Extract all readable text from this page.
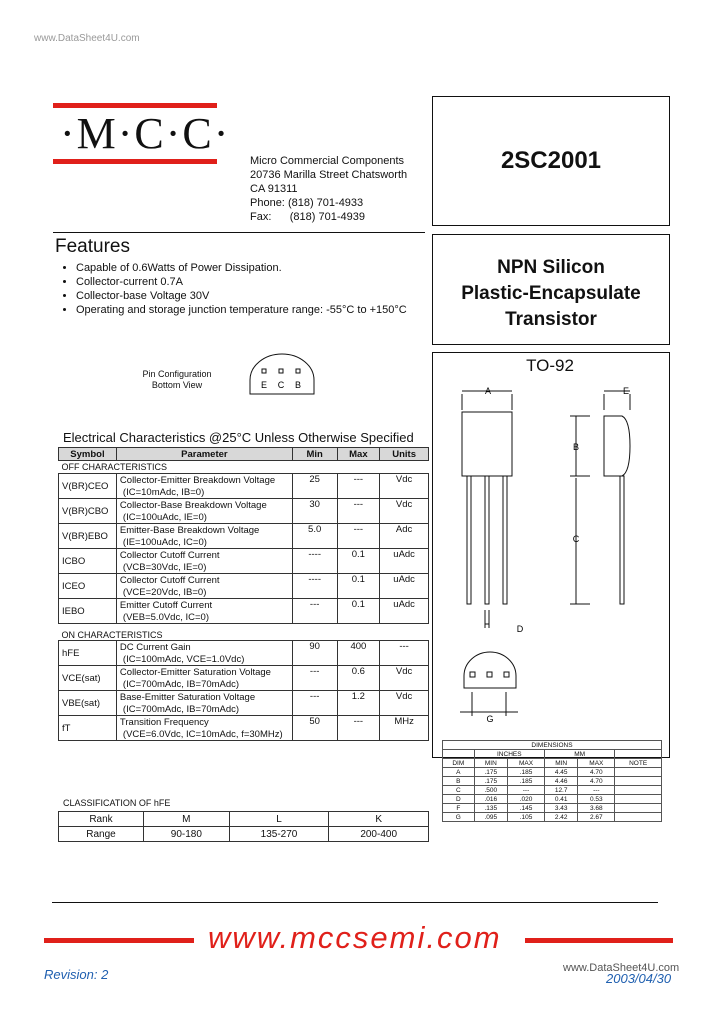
www.DataSheet4U.com
·M·C·C·
Micro Commercial Components
20736 Marilla Street Chatsworth
CA 91311
Phone: (818) 701-4933
Fax: (818) 701-4939
2SC2001
NPN Silicon
Plastic-Encapsulate
Transistor
Features
• Capable of 0.6Watts of Power Dissipation.
• Collector-current 0.7A
• Collector-base Voltage 30V
• Operating and storage junction temperature range: -55°C to +150°C
Pin Configuration
Bottom View	E C B
TO-92
A	E
B
C
D
G
DIMENSIONS					
	INCHES		MM		
DIM	MIN	MAX	MIN	MAX	NOTE
A	.175	.185	4.45	4.70	
B	.175	.185	4.46	4.70	
C	.500	---	12.7	---	
D	.016	.020	0.41	0.53	
F	.135	.145	3.43	3.68	
G	.095	.105	2.42	2.67	
Electrical Characteristics @25°C Unless Otherwise Specified
Symbol	Parameter	Min	Max	Units
OFF CHARACTERISTICS				
V(BR)CEO	Collector-Emitter Breakdown Voltage	25	---	Vdc
	(IC=10mAdc, IB=0)			
V(BR)CBO	Collector-Base Breakdown Voltage	30	---	Vdc
	(IC=100uAdc, IE=0)			
V(BR)EBO	Emitter-Base Breakdown Voltage	5.0	---	Adc
	(IE=100uAdc, IC=0)			
ICBO	Collector Cutoff Current	----	0.1	uAdc
	(VCB=30Vdc, IE=0)			
ICEO	Collector Cutoff Current	----	0.1	uAdc
	(VCE=20Vdc, IB=0)			
IEBO	Emitter Cutoff Current	---	0.1	uAdc
	(VEB=5.0Vdc, IC=0)			
ON CHARACTERISTICS				
hFE	DC Current Gain	90	400	---
	(IC=100mAdc, VCE=1.0Vdc)			
VCE(sat)	Collector-Emitter Saturation Voltage	---	0.6	Vdc
	(IC=700mAdc, IB=70mAdc)			
VBE(sat)	Base-Emitter Saturation Voltage	---	1.2	Vdc
	(IC=700mAdc, IB=70mAdc)			
fT	Transition Frequency	50	---	MHz
	(VCE=6.0Vdc, IC=10mAdc, f=30MHz)			
CLASSIFICATION OF hFE
Rank	M	L	K
Range	90-180	135-270	200-400
www.mccsemi.com
Revision: 2	www.DataSheet4U.com
2003/04/30
